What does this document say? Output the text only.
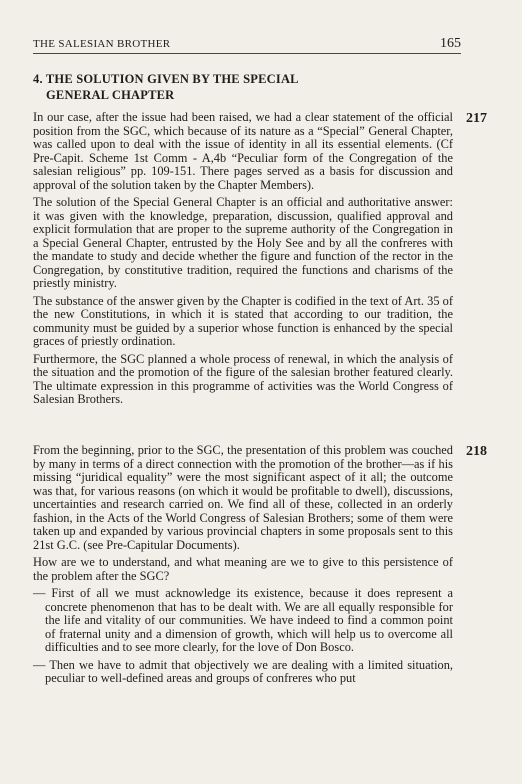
THE SALESIAN BROTHER	165
4. THE SOLUTION GIVEN BY THE SPECIAL
GENERAL CHAPTER
217

In our case, after the issue had been raised, we had a clear statement of the official position from the SGC, which because of its nature as a “Special” General Chapter, was called upon to deal with the issue of identity in all its essential elements. (Cf Pre-Capit. Scheme 1st Comm - A,4b “Peculiar form of the Congregation of the salesian religious” pp. 109-151. There pages served as a basis for discussion and approval of the solution taken by the Chapter Members).

The solution of the Special General Chapter is an official and authoritative answer: it was given with the knowledge, preparation, discussion, qualified approval and explicit formulation that are proper to the supreme authority of the Congregation in a Special General Chapter, entrusted by the Holy See and by all the confreres with the mandate to study and decide whether the figure and function of the rector in the Congregation, by constitutive tradition, required the functions and charisms of the priestly ministry.

The substance of the answer given by the Chapter is codified in the text of Art. 35 of the new Constitutions, in which it is stated that according to our tradition, the community must be guided by a superior whose function is enhanced by the special graces of priestly ordination.

Furthermore, the SGC planned a whole process of renewal, in which the analysis of the situation and the promotion of the figure of the salesian brother featured clearly. The ultimate expression in this programme of activities was the World Congress of Salesian Brothers.

218

From the beginning, prior to the SGC, the presentation of this problem was couched by many in terms of a direct connection with the promotion of the brother—as if his missing “juridical equality” were the most significant aspect of it all; the outcome was that, for various reasons (on which it would be profitable to dwell), discussions, uncertainties and research carried on. We find all of these, collected in an orderly fashion, in the Acts of the World Congress of Salesian Brothers; some of them were taken up and expanded by various provincial chapters in some proposals sent to this 21st G.C. (see Pre-Capitular Documents).

How are we to understand, and what meaning are we to give to this persistence of the problem after the SGC?

— First of all we must acknowledge its existence, because it does represent a concrete phenomenon that has to be dealt with. We are all equally responsible for the life and vitality of our communities. We have indeed to find a common point of fraternal unity and a dimension of growth, which will help us to overcome all difficulties and to see more clearly, for the love of Don Bosco.

— Then we have to admit that objectively we are dealing with a limited situation, peculiar to well-defined areas and groups of confreres who put
